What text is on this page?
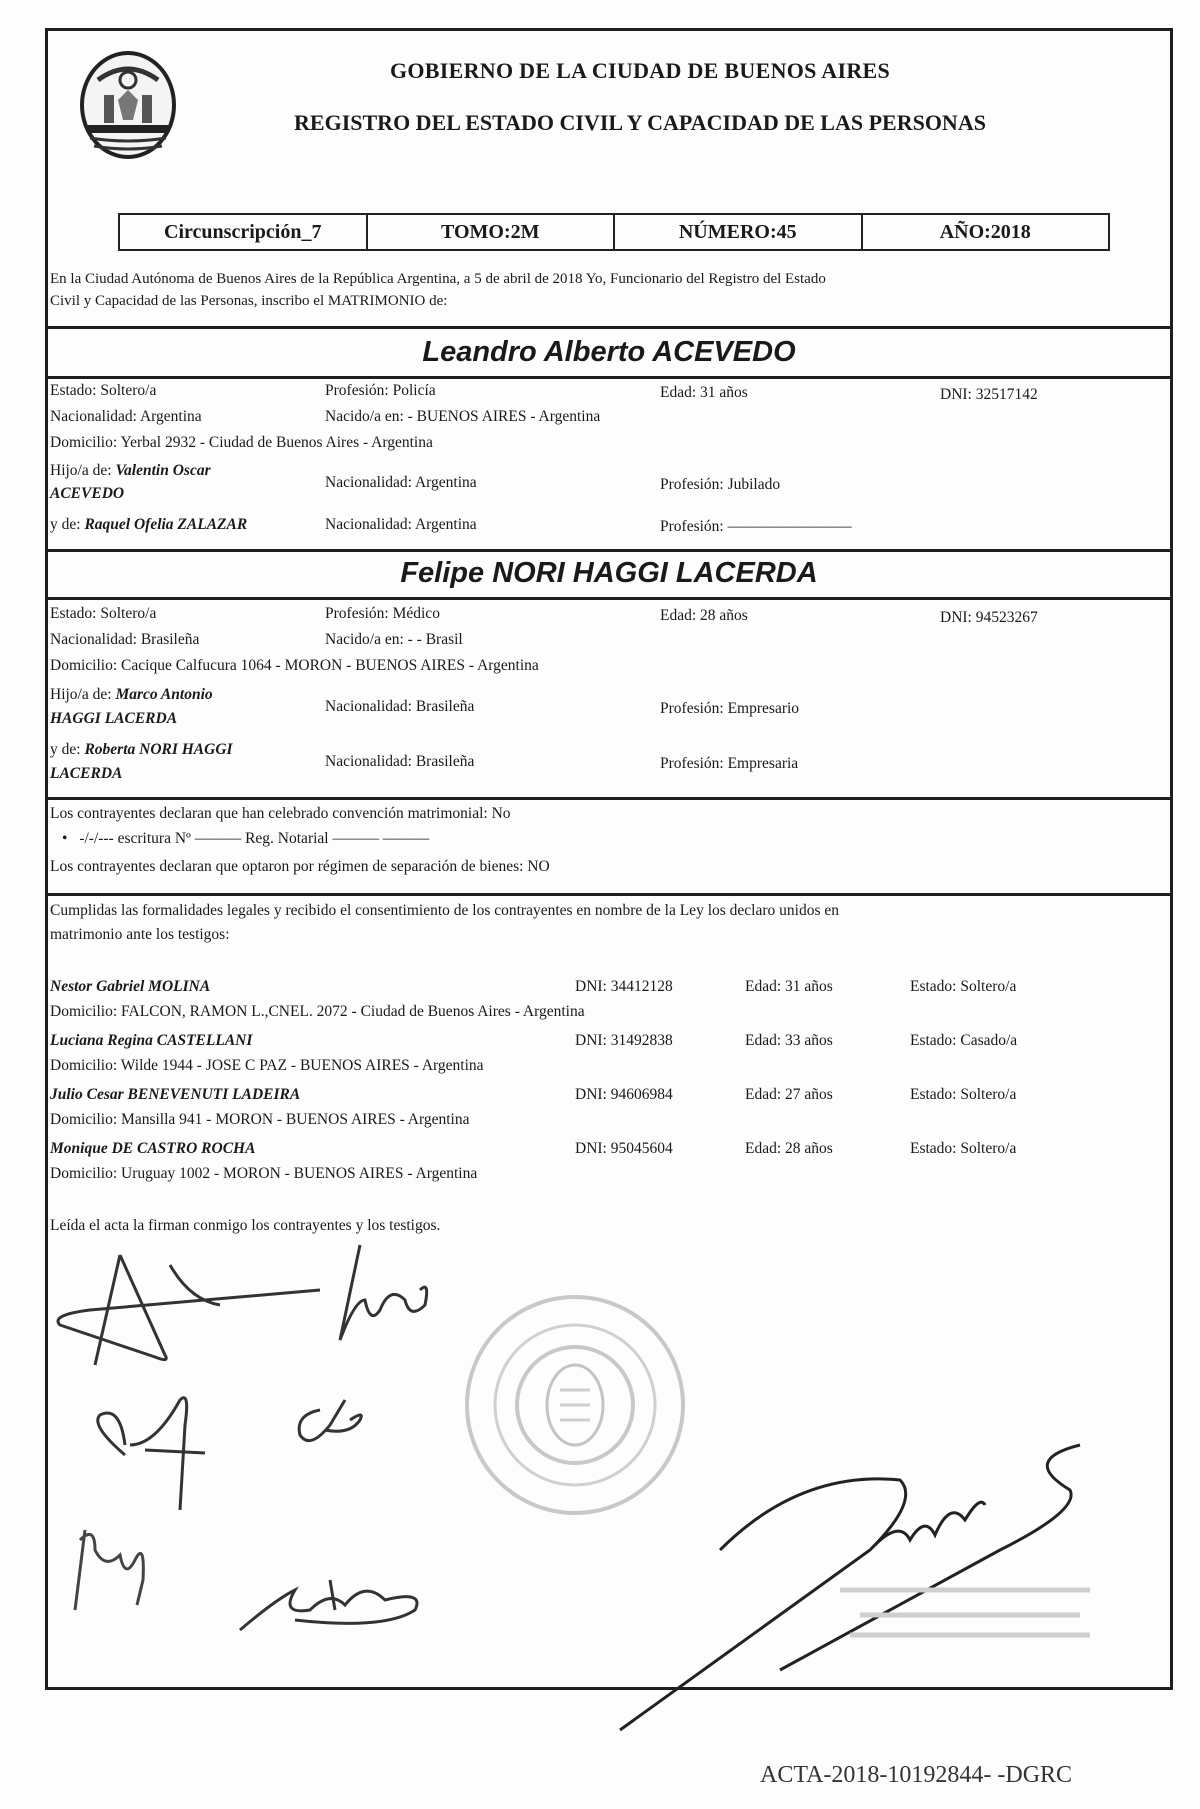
GOBIERNO DE LA CIUDAD DE BUENOS AIRES
REGISTRO DEL ESTADO CIVIL Y CAPACIDAD DE LAS PERSONAS
Circunscripción_7	TOMO:2M	NÚMERO:45	AÑO:2018
En la Ciudad Autónoma de Buenos Aires de la República Argentina, a 5 de abril de 2018 Yo, Funcionario del Registro del Estado
Civil y Capacidad de las Personas, inscribo el MATRIMONIO de:
Leandro Alberto ACEVEDO
Estado: Soltero/a	Profesión: Policía	Edad: 31 años	DNI: 32517142
Nacionalidad: Argentina	Nacido/a en: - BUENOS AIRES - Argentina
Domicilio: Yerbal 2932 - Ciudad de Buenos Aires - Argentina
Hijo/a de: Valentin Oscar
ACEVEDO
Nacionalidad: Argentina	Profesión: Jubilado
y de: Raquel Ofelia ZALAZAR	Nacionalidad: Argentina	Profesión: ————————
Felipe NORI HAGGI LACERDA
Estado: Soltero/a	Profesión: Médico	Edad: 28 años	DNI: 94523267
Nacionalidad: Brasileña	Nacido/a en: - - Brasil
Domicilio: Cacique Calfucura 1064 - MORON - BUENOS AIRES - Argentina
Hijo/a de: Marco Antonio
HAGGI LACERDA
Nacionalidad: Brasileña	Profesión: Empresario
y de: Roberta NORI HAGGI
LACERDA
Nacionalidad: Brasileña	Profesión: Empresaria
Los contrayentes declaran que han celebrado convención matrimonial: No
• -/-/--- escritura Nº ——— Reg. Notarial ——— ———
Los contrayentes declaran que optaron por régimen de separación de bienes: NO
Cumplidas las formalidades legales y recibido el consentimiento de los contrayentes en nombre de la Ley los declaro unidos en
matrimonio ante los testigos:
Nestor Gabriel MOLINA	DNI: 34412128	Edad: 31 años	Estado: Soltero/a
Domicilio: FALCON, RAMON L.,CNEL. 2072 - Ciudad de Buenos Aires - Argentina
Luciana Regina CASTELLANI	DNI: 31492838	Edad: 33 años	Estado: Casado/a
Domicilio: Wilde 1944 - JOSE C PAZ - BUENOS AIRES - Argentina
Julio Cesar BENEVENUTI LADEIRA	DNI: 94606984	Edad: 27 años	Estado: Soltero/a
Domicilio: Mansilla 941 - MORON - BUENOS AIRES - Argentina
Monique DE CASTRO ROCHA	DNI: 95045604	Edad: 28 años	Estado: Soltero/a
Domicilio: Uruguay 1002 - MORON - BUENOS AIRES - Argentina
Leída el acta la firman conmigo los contrayentes y los testigos.
ACTA-2018-10192844- -DGRC
